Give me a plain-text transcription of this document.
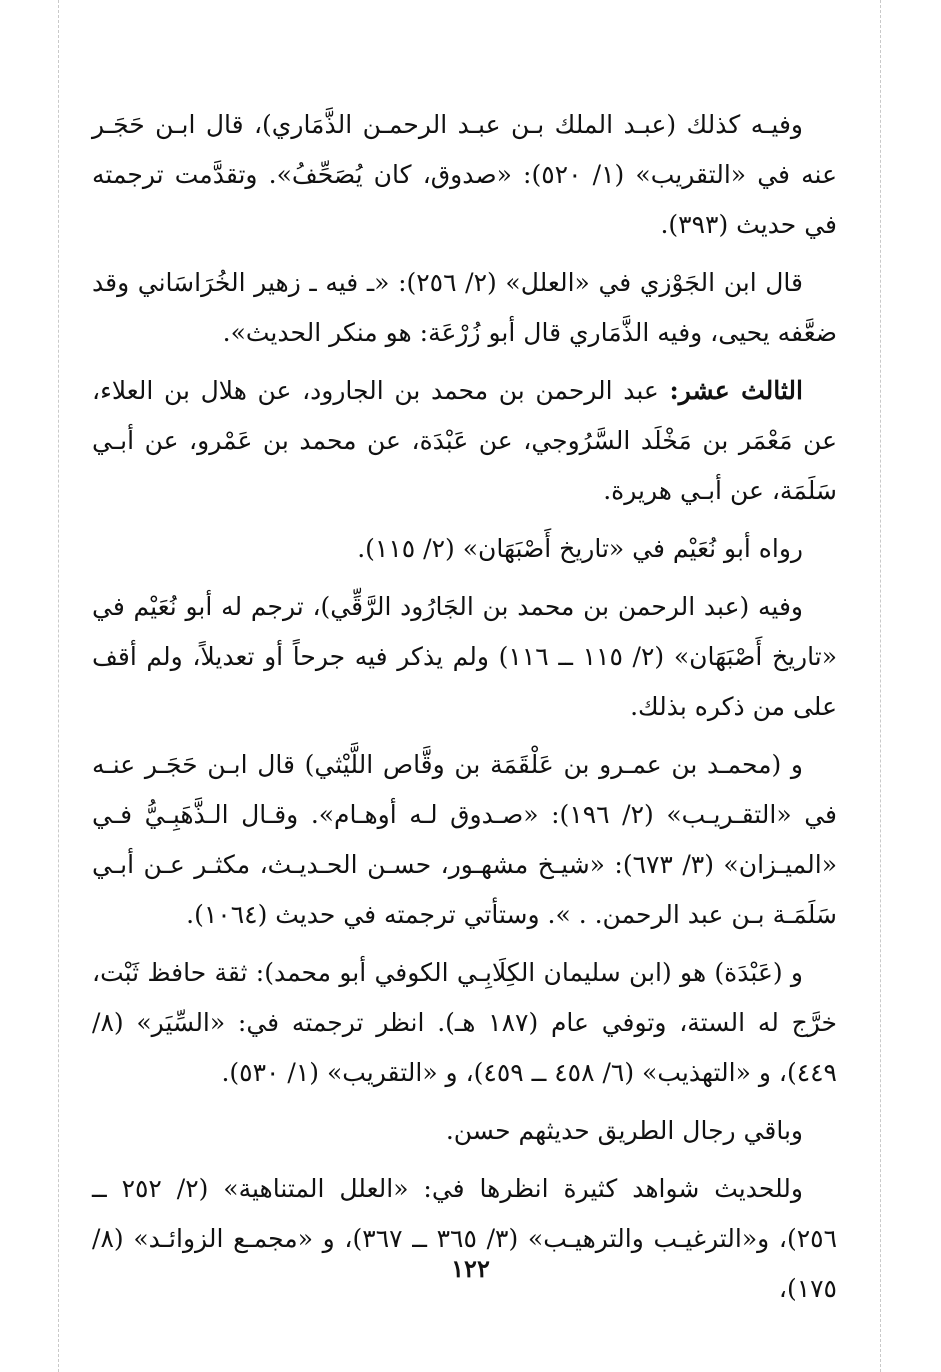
وفيـه كذلك (عبـد الملك بـن عبـد الرحمـن الذَّمَاري)، قال ابـن حَجَـر عنه في «التقريب» (١/ ٥٢٠): «صدوق، كان يُصَحِّفُ». وتقدَّمت ترجمته في حديث (٣٩٣).

قال ابن الجَوْزي في «العلل» (٢/ ٢٥٦): «ـ فيه ـ زهير الخُرَاسَاني وقد ضعَّفه يحيى، وفيه الذَّمَاري قال أبو زُرْعَة: هو منكر الحديث».

الثالث عشر: عبد الرحمن بن محمد بن الجارود، عن هلال بن العلاء، عن مَعْمَر بن مَخْلَد السَّرُوجي، عن عَبْدَة، عن محمد بن عَمْرو، عن أبـي سَلَمَة، عن أبـي هريرة.

رواه أبو نُعَيْم في «تاريخ أَصْبَهَان» (٢/ ١١٥).

وفيه (عبد الرحمن بن محمد بن الجَارُود الرَّقِّي)، ترجم له أبو نُعَيْم في «تاريخ أَصْبَهَان» (٢/ ١١٥ ــ ١١٦) ولم يذكر فيه جرحاً أو تعديلاً، ولم أقف على من ذكره بذلك.

و (محمـد بن عمـرو بن عَلْقَمَة بن وقَّاص اللَّيْثي) قال ابـن حَجَـر عنـه في «التقـريـب» (٢/ ١٩٦): «صـدوق لـه أوهـام». وقـال الـذَّهَبِـيُّ فـي «الميـزان» (٣/ ٦٧٣): «شيـخ مشهـور، حسـن الحـديـث، مكثـر عـن أبـي سَلَمَـة بـن عبد الرحمن. . ». وستأتي ترجمته في حديث (١٠٦٤).

و (عَبْدَة) هو (ابن سليمان الكِلَابِـي الكوفي أبو محمد): ثقة حافظ ثَبْت، خرَّج له الستة، وتوفي عام (١٨٧ هـ). انظر ترجمته في: «السِّيَر» (٨/ ٤٤٩)، و «التهذيب» (٦/ ٤٥٨ ــ ٤٥٩)، و «التقريب» (١/ ٥٣٠).

وباقي رجال الطريق حديثهم حسن.

وللحديث شواهد كثيرة انظرها في: «العلل المتناهية» (٢/ ٢٥٢ ــ ٢٥٦)، و«الترغيـب والترهيـب» (٣/ ٣٦٥ ــ ٣٦٧)، و «مجمـع الزوائـد» (٨/ ١٧٥)،

١٢٢
